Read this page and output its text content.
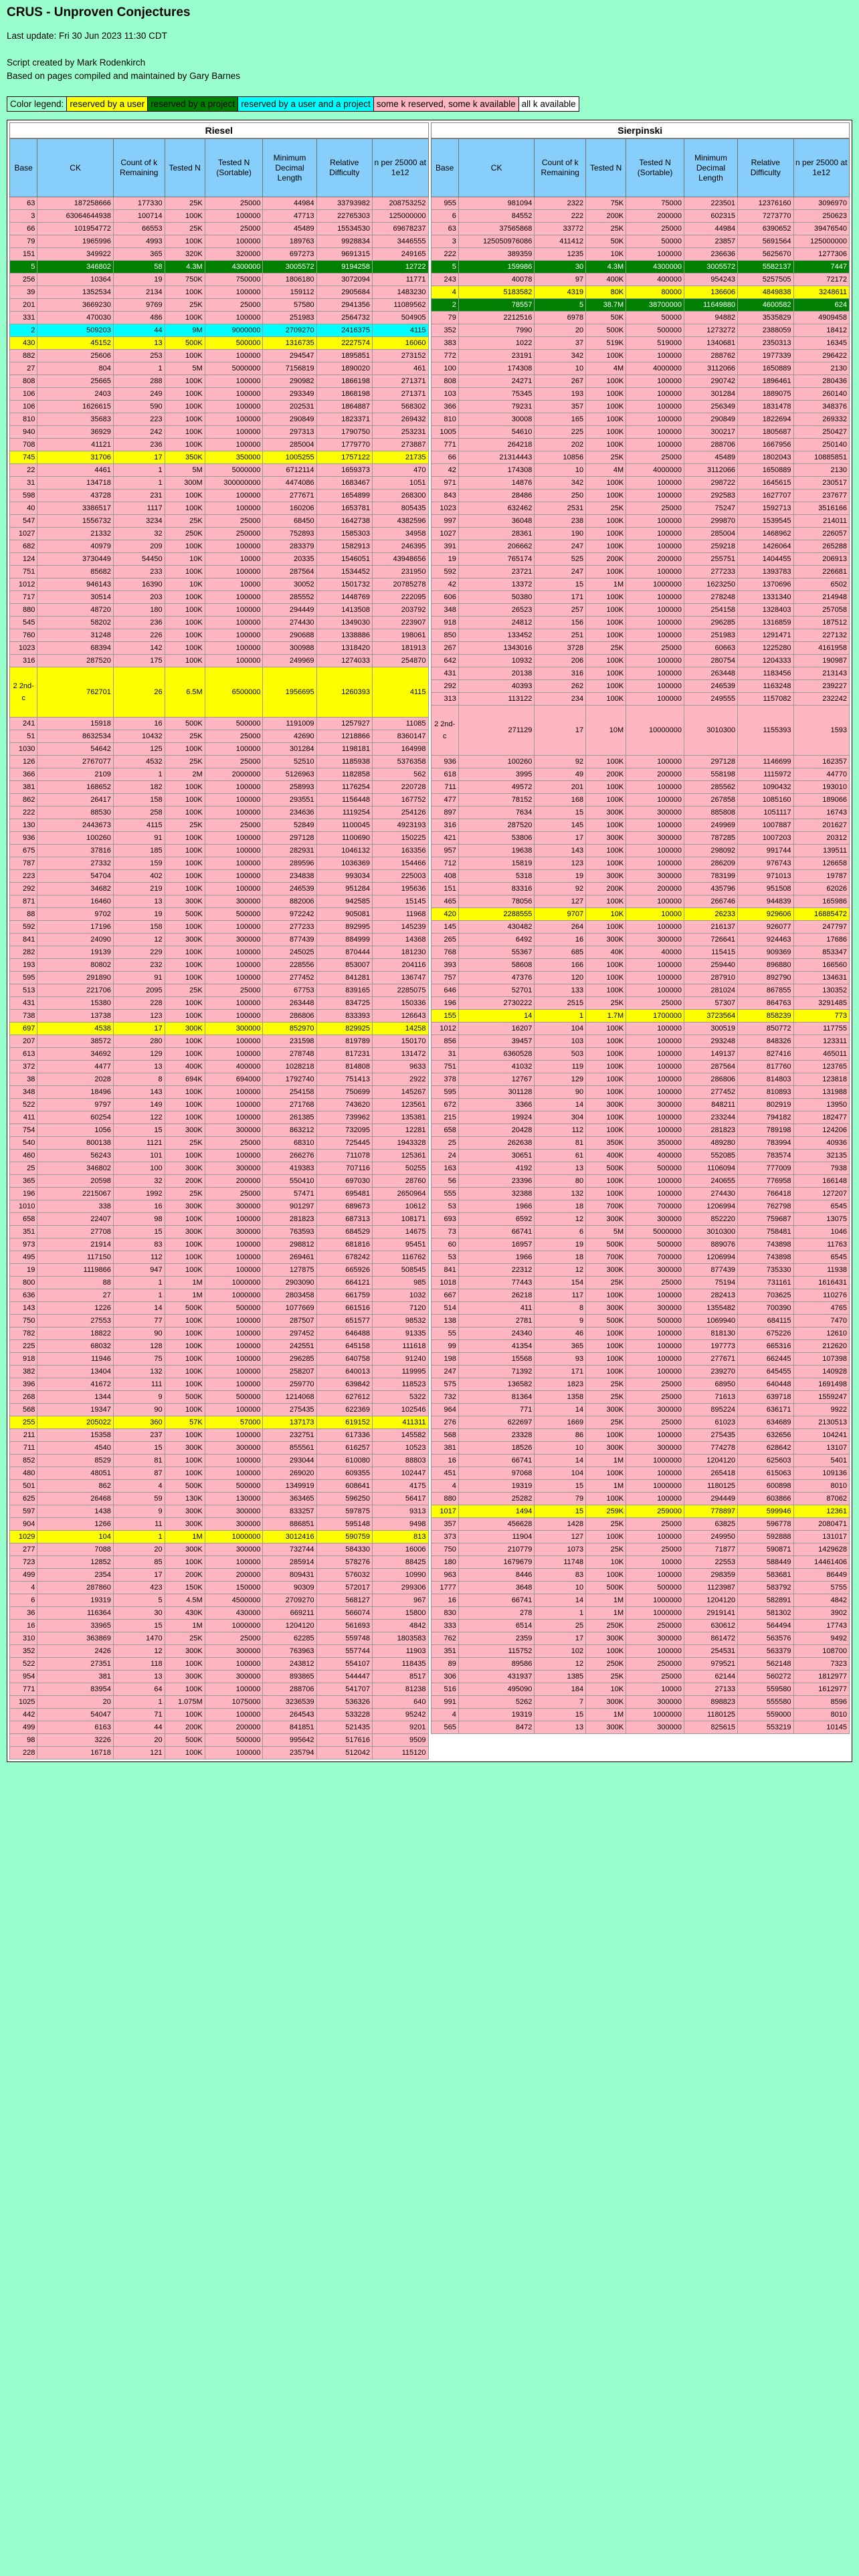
CRUS - Unproven Conjectures
Last update: Fri 30 Jun 2023 11:30 CDT
Script created by Mark Rodenkirch
Based on pages compiled and maintained by Gary Barnes
Color legend: reserved by a user reserved by a project reserved by a user and a project some k reserved, some k available all k available
Riesel
Base	CK	Count of k Remaining	Tested N	Tested N (Sortable)	Minimum Decimal Length	Relative Difficulty	n per 25000 at 1e12
63	187258666	177330	25K	25000	44984	33793982	208753252
3	63064644938	100714	100K	100000	47713	22765303	125000000
66	101954772	66553	25K	25000	45489	15534530	69678237
79	1965996	4993	100K	100000	189763	9928834	3446555
151	349922	365	320K	320000	697273	9691315	249165
5	346802	58	4.3M	4300000	3005572	9194258	12722
256	10364	19	750K	750000	1806180	3072094	11771
39	1352534	2134	100K	100000	159112	2905684	1483230
201	3669230	9769	25K	25000	57580	2941356	11089562
331	470030	486	100K	100000	251983	2564732	504905
2	509203	44	9M	9000000	2709270	2416375	4115
430	45152	13	500K	500000	1316735	2227574	16060
882	25606	253	100K	100000	294547	1895851	273152
27	804	1	5M	5000000	7156819	1890020	461
808	25665	288	100K	100000	290982	1866198	271371
106	2403	249	100K	100000	293349	1868198	271371
106	1626615	590	100K	100000	202531	1864887	568302
810	35683	223	100K	100000	290849	1823371	269432
940	36929	242	100K	100000	297313	1790750	253231
708	41121	236	100K	100000	285004	1779770	273887
745	31706	17	350K	350000	1005255	1757122	21735
22	4461	1	5M	5000000	6712114	1659373	470
31	134718	1	300M	300000000	4474086	1683467	1051
598	43728	231	100K	100000	277671	1654899	268300
40	3386517	1117	100K	100000	160206	1653781	805435
547	1556732	3234	25K	25000	68450	1642738	4382596
1027	21332	32	250K	250000	752893	1585303	34958
682	40979	209	100K	100000	283379	1582913	246395
124	3730449	54450	10K	10000	20335	1546051	43948656
751	85682	233	100K	100000	287564	1534452	231950
1012	946143	16390	10K	10000	30052	1501732	20785278
717	30514	203	100K	100000	285552	1448769	222095
880	48720	180	100K	100000	294449	1413508	203792
545	58202	236	100K	100000	274430	1349030	223907
760	31248	226	100K	100000	290688	1338886	198061
1023	68394	142	100K	100000	300988	1318420	181913
316	287520	175	100K	100000	249969	1274033	254870
2 2nd-c	762701	26	6.5M	6500000	1956695	1260393	4115
241	15918	16	500K	500000	1191009	1257927	11085
51	8632534	10432	25K	25000	42690	1218866	8360147
1030	54642	125	100K	100000	301284	1198181	164998
126	2767077	4532	25K	25000	52510	1185938	5376358
366	2109	1	2M	2000000	5126963	1182858	562
381	168652	182	100K	100000	258993	1176254	220728
862	26417	158	100K	100000	293551	1156448	167752
222	88530	258	100K	100000	234636	1119254	254126
130	2443673	4115	25K	25000	52849	1100045	4923193
936	100260	91	100K	100000	297128	1100690	150225
675	37816	185	100K	100000	282931	1046132	163356
787	27332	159	100K	100000	289596	1036369	154466
223	54704	402	100K	100000	234838	993034	225003
292	34682	219	100K	100000	246539	951284	195636
871	16460	13	300K	300000	882006	942585	15145
88	9702	19	500K	500000	972242	905081	11968
592	17196	158	100K	100000	277233	892995	145239
841	24090	12	300K	300000	877439	884999	14368
282	19139	229	100K	100000	245025	870444	181230
193	80802	232	100K	100000	228556	853007	204116
595	291890	91	100K	100000	277452	841281	136747
513	221706	2095	25K	25000	67753	839165	2285075
431	15380	228	100K	100000	263448	834725	150336
738	13738	123	100K	100000	286806	833393	126643
697	4538	17	300K	300000	852970	829925	14258
207	38572	280	100K	100000	231598	819789	150170
613	34692	129	100K	100000	278748	817231	131472
372	4477	13	400K	400000	1028218	814808	9633
38	2028	8	694K	694000	1792740	751413	2922
348	18496	143	100K	100000	254158	750699	145267
522	9797	149	100K	100000	271768	743620	123561
411	60254	122	100K	100000	261385	739962	135381
754	1056	15	300K	300000	863212	732095	12281
540	800138	1121	25K	25000	68310	725445	1943328
460	56243	101	100K	100000	266276	711078	125361
25	346802	100	300K	300000	419383	707116	50255
365	20598	32	200K	200000	550410	697030	28760
196	2215067	1992	25K	25000	57471	695481	2650964
1010	338	16	300K	300000	901297	689673	10612
658	22407	98	100K	100000	281823	687313	108171
351	27708	15	300K	300000	763593	684529	14675
973	21914	83	100K	100000	298812	681816	95451
495	117150	112	100K	100000	269461	678242	116762
19	1119866	947	100K	100000	127875	665926	508545
800	88	1	1M	1000000	2903090	664121	985
636	27	1	1M	1000000	2803458	661759	1032
143	1226	14	500K	500000	1077669	661516	7120
750	27553	77	100K	100000	287507	651577	98532
782	18822	90	100K	100000	297452	646488	91335
225	68032	128	100K	100000	242551	645158	111618
918	11946	75	100K	100000	296285	640758	91240
382	13404	132	100K	100000	258207	640013	119995
396	41672	111	100K	100000	259770	639842	118523
268	1344	9	500K	500000	1214068	627612	5322
568	19347	90	100K	100000	275435	622369	102546
255	205022	360	57K	57000	137173	619152	411311
211	15358	237	100K	100000	232751	617336	145582
711	4540	15	300K	300000	855561	616257	10523
852	8529	81	100K	100000	293044	610080	88803
480	48051	87	100K	100000	269020	609355	102447
501	862	4	500K	500000	1349919	608641	4175
625	26468	59	130K	130000	363465	596250	56417
597	1438	9	300K	300000	833257	597875	9313
904	1266	11	300K	300000	886851	595148	9498
1029	104	1	1M	1000000	3012416	590759	813
277	7088	20	300K	300000	732744	584330	16006
723	12852	85	100K	100000	285914	578276	88425
499	2354	17	200K	200000	809431	576032	10990
4	287860	423	150K	150000	90309	572017	299306
6	19319	5	4.5M	4500000	2709270	568127	967
36	116364	30	430K	430000	669211	566074	15800
16	33965	15	1M	1000000	1204120	561693	4842
310	363869	1470	25K	25000	62285	559748	1803583
352	2426	12	300K	300000	763963	557744	11903
522	27351	118	100K	100000	243812	554107	118435
954	381	13	300K	300000	893865	544447	8517
771	83954	64	100K	100000	288706	541707	81238
1025	20	1	1.075M	1075000	3236539	536326	640
442	54047	71	100K	100000	264543	533228	95242
499	6163	44	200K	200000	841851	521435	9201
98	3226	20	500K	500000	995642	517616	9509
228	16718	121	100K	100000	235794	512042	115120
Sierpinski
Base	CK	Count of k Remaining	Tested N	Tested N (Sortable)	Minimum Decimal Length	Relative Difficulty	n per 25000 at 1e12
955	981094	2322	75K	75000	223501	12376160	3096970
6	84552	222	200K	200000	602315	7273770	250623
63	37565868	33772	25K	25000	44984	6390652	39476540
3	125050976086	411412	50K	50000	23857	5691564	125000000
222	389359	1235	10K	100000	236636	5625670	1277306
5	159986	30	4.3M	4300000	3005572	5582137	7447
243	40078	97	400K	400000	954243	5257505	72172
4	5183582	4319	80K	80000	136606	4849838	3248611
2	78557	5	38.7M	38700000	11649880	4600582	624
79	2212516	6978	50K	50000	94882	3535829	4909458
352	7990	20	500K	500000	1273272	2388059	18412
383	1022	37	519K	519000	1340681	2350313	16345
772	23191	342	100K	100000	288762	1977339	296422
100	174308	10	4M	4000000	3112066	1650889	2130
808	24271	267	100K	100000	290742	1896461	280436
103	75345	193	100K	100000	301284	1889075	260140
366	79231	357	100K	100000	256349	1831478	348376
810	30008	165	100K	100000	290849	1822694	269332
1005	54610	225	100K	100000	300217	1805687	250427
771	264218	202	100K	100000	288706	1667956	250140
66	21314443	10856	25K	25000	45489	1802043	10885851
42	174308	10	4M	4000000	3112066	1650889	2130
971	14876	342	100K	100000	298722	1645615	230517
843	28486	250	100K	100000	292583	1627707	237677
1023	632462	2531	25K	25000	75247	1592713	3516166
997	36048	238	100K	100000	299870	1539545	214011
1027	28361	190	100K	100000	285004	1468962	226057
391	206662	247	100K	100000	259218	1426064	265288
19	765174	525	200K	200000	255751	1404455	206913
592	23721	247	100K	100000	277233	1393783	226681
42	13372	15	1M	1000000	1623250	1370696	6502
606	50380	171	100K	100000	278248	1331340	214948
348	26523	257	100K	100000	254158	1328403	257058
918	24812	156	100K	100000	296285	1316859	187512
850	133452	251	100K	100000	251983	1291471	227132
267	1343016	3728	25K	25000	60663	1225280	4161958
642	10932	206	100K	100000	280754	1204333	190987
431	20138	316	100K	100000	263448	1183456	213143
292	40393	262	100K	100000	246539	1163248	239227
313	113122	234	100K	100000	249555	1157082	232242
2 2nd-c	271129	17	10M	10000000	3010300	1155393	1593
936	100260	92	100K	100000	297128	1146699	162357
618	3995	49	200K	200000	558198	1115972	44770
711	49572	201	100K	100000	285562	1090432	193010
477	78152	168	100K	100000	267858	1085160	189066
897	7634	15	300K	300000	885808	1051117	16743
316	287520	145	100K	100000	249969	1007887	201627
421	53806	17	300K	300000	787285	1007203	20312
957	19638	143	100K	100000	298092	991744	139511
712	15819	123	100K	100000	286209	976743	126658
408	5318	19	300K	300000	783199	971013	19787
151	83316	92	200K	200000	435796	951508	62026
465	78056	127	100K	100000	266746	944839	165986
420	2288555	9707	10K	10000	26233	929606	16885472
145	430482	264	100K	100000	216137	926077	247797
265	6492	16	300K	300000	726641	924463	17686
768	55367	685	40K	40000	115415	909369	853347
393	58608	166	100K	100000	259440	896880	166560
757	47376	120	100K	100000	287910	892790	134631
646	52701	133	100K	100000	281024	867855	130352
196	2730222	2515	25K	25000	57307	864763	3291485
155	14	1	1.7M	1700000	3723564	858239	773
1012	16207	104	100K	100000	300519	850772	117755
856	39457	103	100K	100000	293248	848326	123311
31	6360528	503	100K	100000	149137	827416	465011
751	41032	119	100K	100000	287564	817760	123765
378	12767	129	100K	100000	286806	814803	123818
595	301128	90	100K	100000	277452	810893	131988
672	3366	14	300K	300000	848211	802919	13950
215	19924	304	100K	100000	233244	794182	182477
658	20428	112	100K	100000	281823	789198	124206
25	262638	81	350K	350000	489280	783994	40936
24	30651	61	400K	400000	552085	783574	32135
163	4192	13	500K	500000	1106094	777009	7938
56	23396	80	100K	100000	240655	776958	166148
555	32388	132	100K	100000	274430	766418	127207
53	1966	18	700K	700000	1206994	762798	6545
693	6592	12	300K	300000	852220	759687	13075
73	66741	6	5M	5000000	3010300	758481	1046
60	16957	19	500K	500000	889076	743898	11763
53	1966	18	700K	700000	1206994	743898	6545
841	22312	12	300K	300000	877439	735330	11938
1018	77443	154	25K	25000	75194	731161	1616431
667	26218	117	100K	100000	282413	703625	110276
514	411	8	300K	300000	1355482	700390	4765
138	2781	9	500K	500000	1069940	684115	7470
55	24340	46	100K	100000	818130	675226	12610
99	41354	365	100K	100000	197773	665316	212620
198	15568	93	100K	100000	277671	662445	107398
247	71392	171	100K	100000	239270	645455	140928
575	136582	1823	25K	25000	68950	640448	1691498
732	81364	1358	25K	25000	71613	639718	1559247
964	771	14	300K	300000	895224	636171	9922
276	622697	1669	25K	25000	61023	634689	2130513
568	23328	86	100K	100000	275435	632656	104241
381	18526	10	300K	300000	774278	628642	13107
16	66741	14	1M	1000000	1204120	625603	5401
451	97068	104	100K	100000	265418	615063	109136
4	19319	15	1M	1000000	1180125	600898	8010
880	25282	79	100K	100000	294449	603866	87062
1017	1494	15	259K	259000	778897	599946	12361
357	456628	1428	25K	25000	63825	596778	2080471
373	11904	127	100K	100000	249950	592888	131017
750	210779	1073	25K	25000	71877	590871	1429628
180	1679679	11748	10K	10000	22553	588449	14461406
963	8446	83	100K	100000	298359	583681	86449
1777	3648	10	500K	500000	1123987	583792	5755
16	66741	14	1M	1000000	1204120	582891	4842
830	278	1	1M	1000000	2919141	581302	3902
333	6514	25	250K	250000	630612	564494	17743
762	2359	17	300K	300000	861472	563576	9492
351	115752	102	100K	100000	254531	563379	108700
89	89586	12	250K	250000	979521	562148	7323
306	431937	1385	25K	25000	62144	560272	1812977
516	495090	184	10K	10000	27133	559580	1612977
991	5262	7	300K	300000	898823	555580	8596
4	19319	15	1M	1000000	1180125	559000	8010
565	8472	13	300K	300000	825615	553219	10145
